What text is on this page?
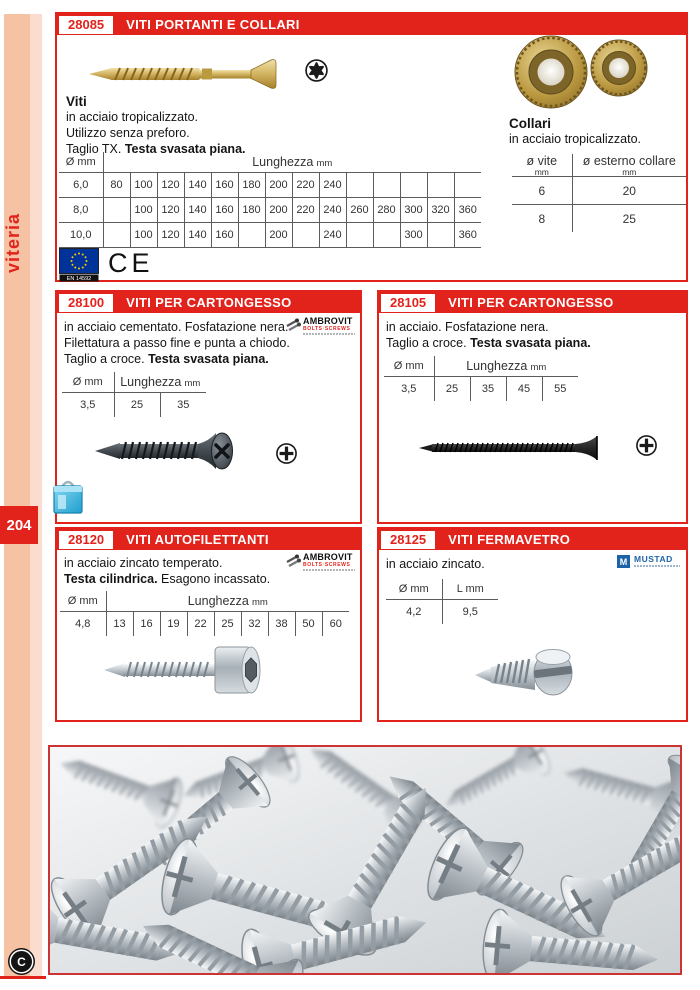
viteria
204
C
28085	VITI PORTANTI E COLLARI
Viti
in acciaio tropicalizzato.
Utilizzo senza preforo.
Taglio TX. Testa svasata piana.
Ø mm	Lunghezza mm													
6,0	80	100	120	140	160	180	200	220	240					
8,0		100	120	140	160	180	200	220	240	260	280	300	320	360
10,0		100	120	140	160		200		240			300		360
EN 14592
CE
Collari
in acciaio tropicalizzato.
ø vite
mm

ø esterno collare
mm

6	20
8	25
28100	VITI PER CARTONGESSO
in acciaio cementato. Fosfatazione nera.
Filettatura a passo fine e punta a chiodo.
Taglio a croce. Testa svasata piana.
AMBROVIT
BOLTS·SCREWS
Ø mm	Lunghezza mm	
3,5	25	35
28105	VITI PER CARTONGESSO
in acciaio. Fosfatazione nera.
Taglio a croce. Testa svasata piana.
Ø mm	Lunghezza mm			
3,5	25	35	45	55
28120	VITI AUTOFILETTANTI
in acciaio zincato temperato.
Testa cilindrica. Esagono incassato.
AMBROVIT
BOLTS·SCREWS
Ø mm	Lunghezza mm								
4,8	13	16	19	22	25	32	38	50	60
28125	VITI FERMAVETRO
in acciaio zincato.	M MUSTAD
Ø mm	L mm
4,2	9,5
